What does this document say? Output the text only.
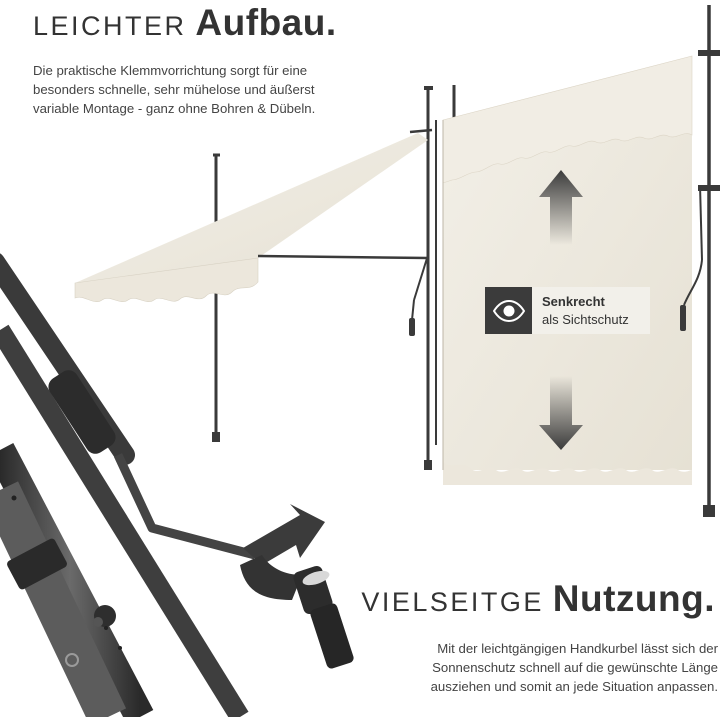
LEICHTER Aufbau.

Die praktische Klemmvorrichtung sorgt für eine
besonders schnelle, sehr mühelose und äußerst
variable Montage - ganz ohne Bohren & Dübeln.

Senkrecht
als Sichtschutz
VIELSEITGE Nutzung.

Mit der leichtgängigen Handkurbel lässt sich der
Sonnenschutz schnell auf die gewünschte Länge
ausziehen und somit an jede Situation anpassen.
